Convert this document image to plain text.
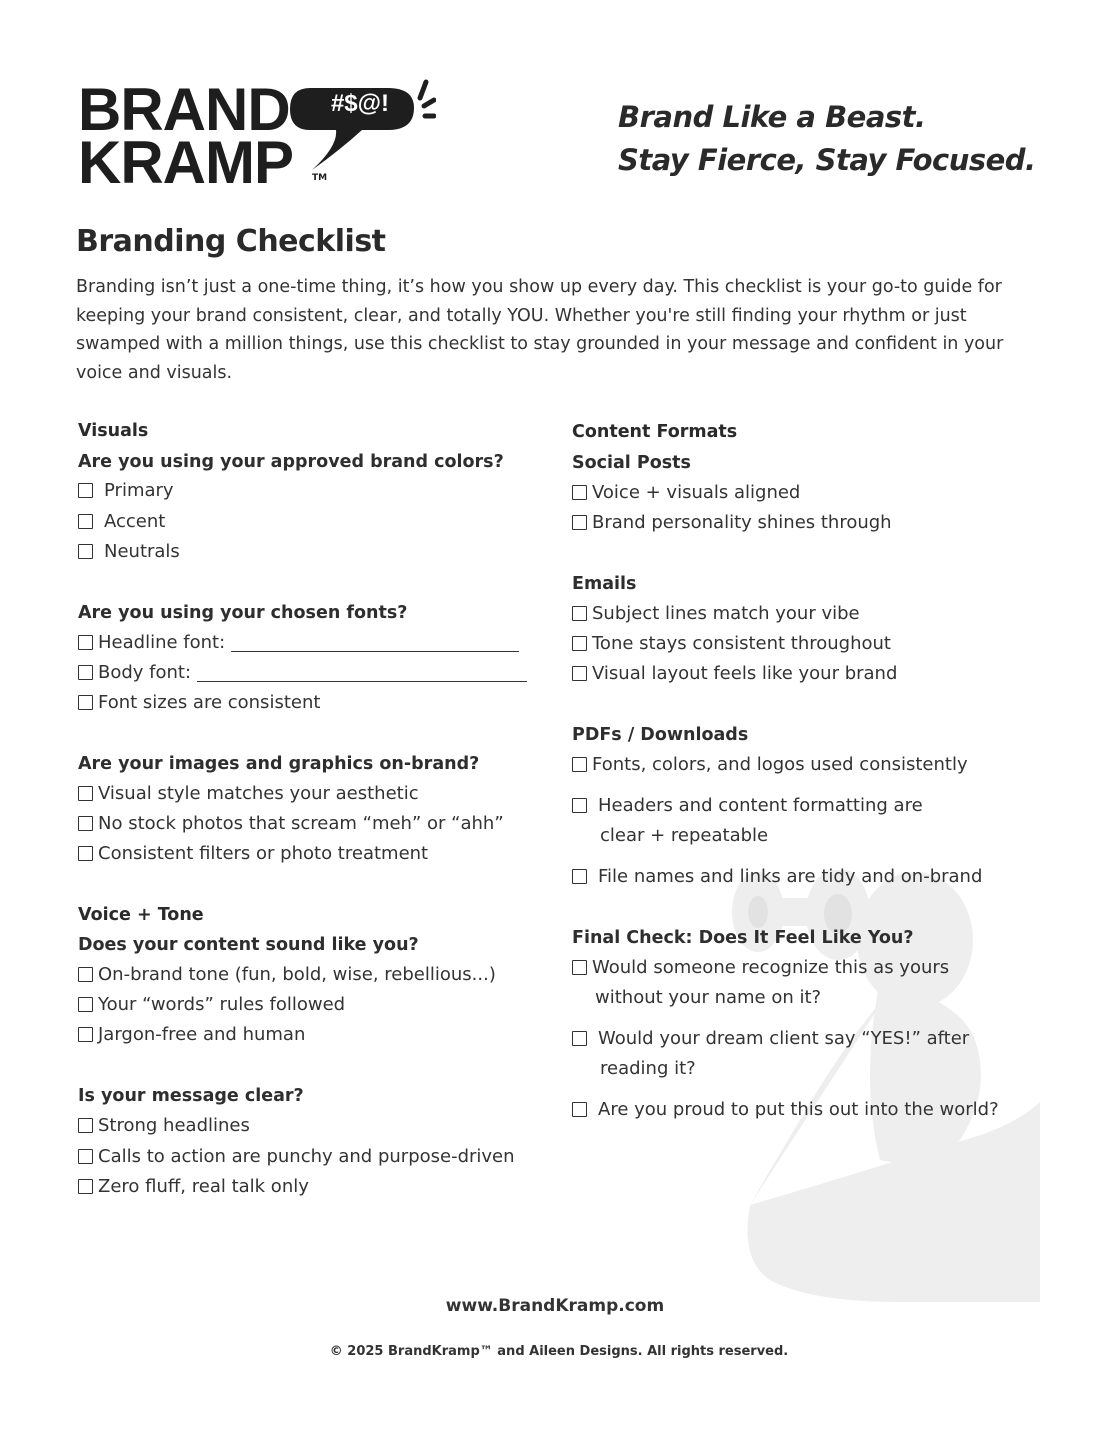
BRAND

KRAMP TM

#$@!	Brand Like a Beast.
Stay Fierce, Stay Focused.
Branding Checklist

Branding isn’t just a one-time thing, it’s how you show up every day. This checklist is your go-to guide for keeping your brand consistent, clear, and totally YOU. Whether you're still finding your rhythm or just swamped with a million things, use this checklist to stay grounded in your message and confident in your voice and visuals.

Visuals

Are you using your approved brand colors?

Primary

Accent

Neutrals

Are you using your chosen fonts?

Headline font:

Body font:

Font sizes are consistent

Are your images and graphics on-brand?

Visual style matches your aesthetic

No stock photos that scream “meh” or “ahh”

Consistent filters or photo treatment

Voice + Tone

Does your content sound like you?

On-brand tone (fun, bold, wise, rebellious...)

Your “words” rules followed

Jargon-free and human

Is your message clear?

Strong headlines

Calls to action are punchy and purpose-driven

Zero fluff, real talk only

Content Formats

Social Posts

Voice + visuals aligned

Brand personality shines through

Emails

Subject lines match your vibe

Tone stays consistent throughout

Visual layout feels like your brand

PDFs / Downloads

Fonts, colors, and logos used consistently

Headers and content formatting are

clear + repeatable

File names and links are tidy and on-brand

Final Check: Does It Feel Like You?

Would someone recognize this as yours

without your name on it?

Would your dream client say “YES!” after

reading it?

Are you proud to put this out into the world?

www.BrandKramp.com

© 2025 BrandKramp™ and Aileen Designs. All rights reserved.
